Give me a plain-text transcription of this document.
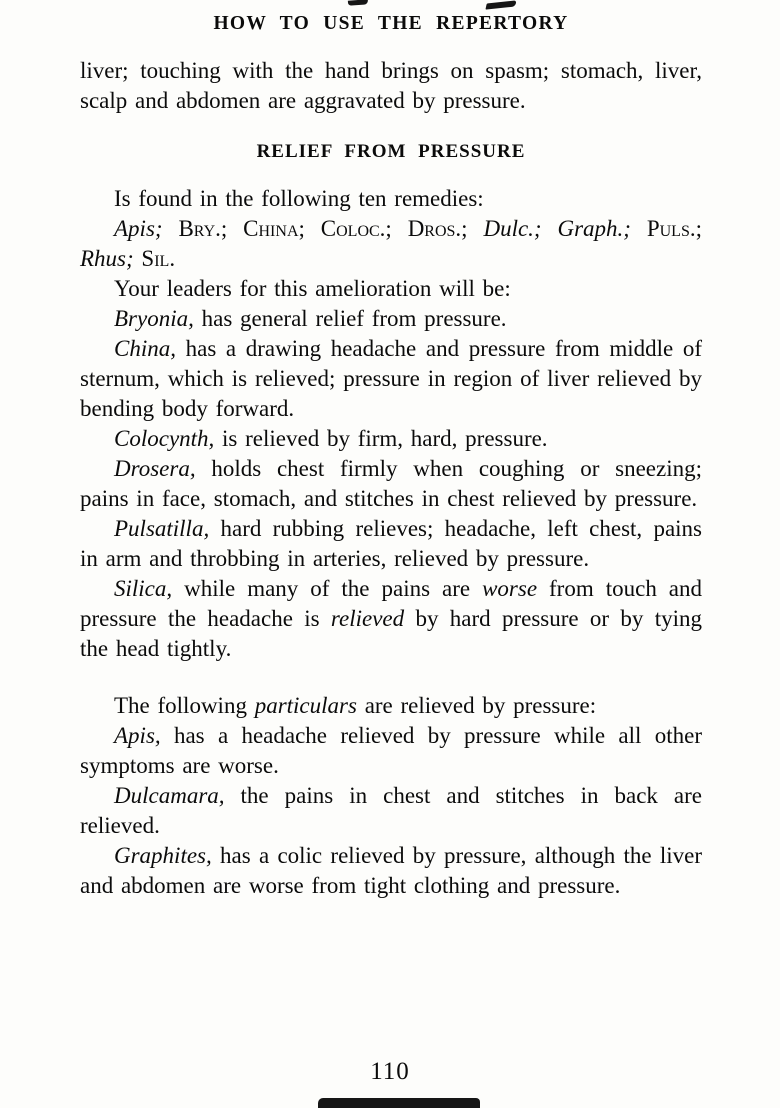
HOW TO USE THE REPERTORY

liver; touching with the hand brings on spasm; stomach, liver, scalp and abdomen are aggravated by pressure.

RELIEF FROM PRESSURE

Is found in the following ten remedies:

Apis; Bry.; China; Coloc.; Dros.; Dulc.; Graph.; Puls.; Rhus; Sil.

Your leaders for this amelioration will be:

Bryonia, has general relief from pressure.

China, has a drawing headache and pressure from middle of sternum, which is relieved; pressure in region of liver relieved by bending body forward.

Colocynth, is relieved by firm, hard, pressure.

Drosera, holds chest firmly when coughing or sneezing; pains in face, stomach, and stitches in chest relieved by pressure.

Pulsatilla, hard rubbing relieves; headache, left chest, pains in arm and throbbing in arteries, relieved by pressure.

Silica, while many of the pains are worse from touch and pressure the headache is relieved by hard pressure or by tying the head tightly.

The following particulars are relieved by pressure:

Apis, has a headache relieved by pressure while all other symptoms are worse.

Dulcamara, the pains in chest and stitches in back are relieved.

Graphites, has a colic relieved by pressure, although the liver and abdomen are worse from tight clothing and pressure.

110
